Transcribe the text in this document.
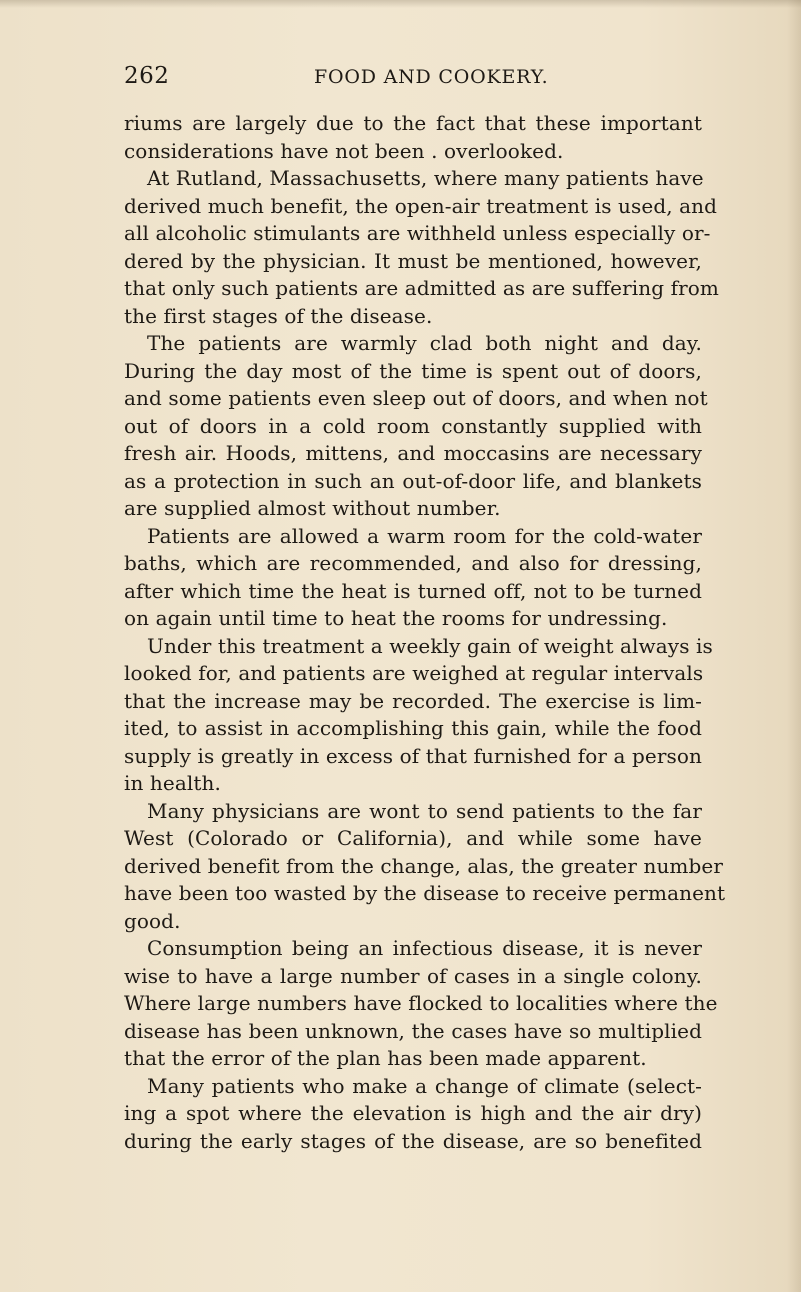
262	FOOD AND COOKERY.
riums are largely due to the fact that these important
considerations have not been . overlooked.
At Rutland, Massachusetts, where many patients have
derived much benefit, the open-air treatment is used, and
all alcoholic stimulants are withheld unless especially or-
dered by the physician. It must be mentioned, however,
that only such patients are admitted as are suffering from
the first stages of the disease.
The patients are warmly clad both night and day.
During the day most of the time is spent out of doors,
and some patients even sleep out of doors, and when not
out of doors in a cold room constantly supplied with
fresh air. Hoods, mittens, and moccasins are necessary
as a protection in such an out-of-door life, and blankets
are supplied almost without number.
Patients are allowed a warm room for the cold-water
baths, which are recommended, and also for dressing,
after which time the heat is turned off, not to be turned
on again until time to heat the rooms for undressing.
Under this treatment a weekly gain of weight always is
looked for, and patients are weighed at regular intervals
that the increase may be recorded. The exercise is lim-
ited, to assist in accomplishing this gain, while the food
supply is greatly in excess of that furnished for a person
in health.
Many physicians are wont to send patients to the far
West (Colorado or California), and while some have
derived benefit from the change, alas, the greater number
have been too wasted by the disease to receive permanent
good.
Consumption being an infectious disease, it is never
wise to have a large number of cases in a single colony.
Where large numbers have flocked to localities where the
disease has been unknown, the cases have so multiplied
that the error of the plan has been made apparent.
Many patients who make a change of climate (select-
ing a spot where the elevation is high and the air dry)
during the early stages of the disease, are so benefited
